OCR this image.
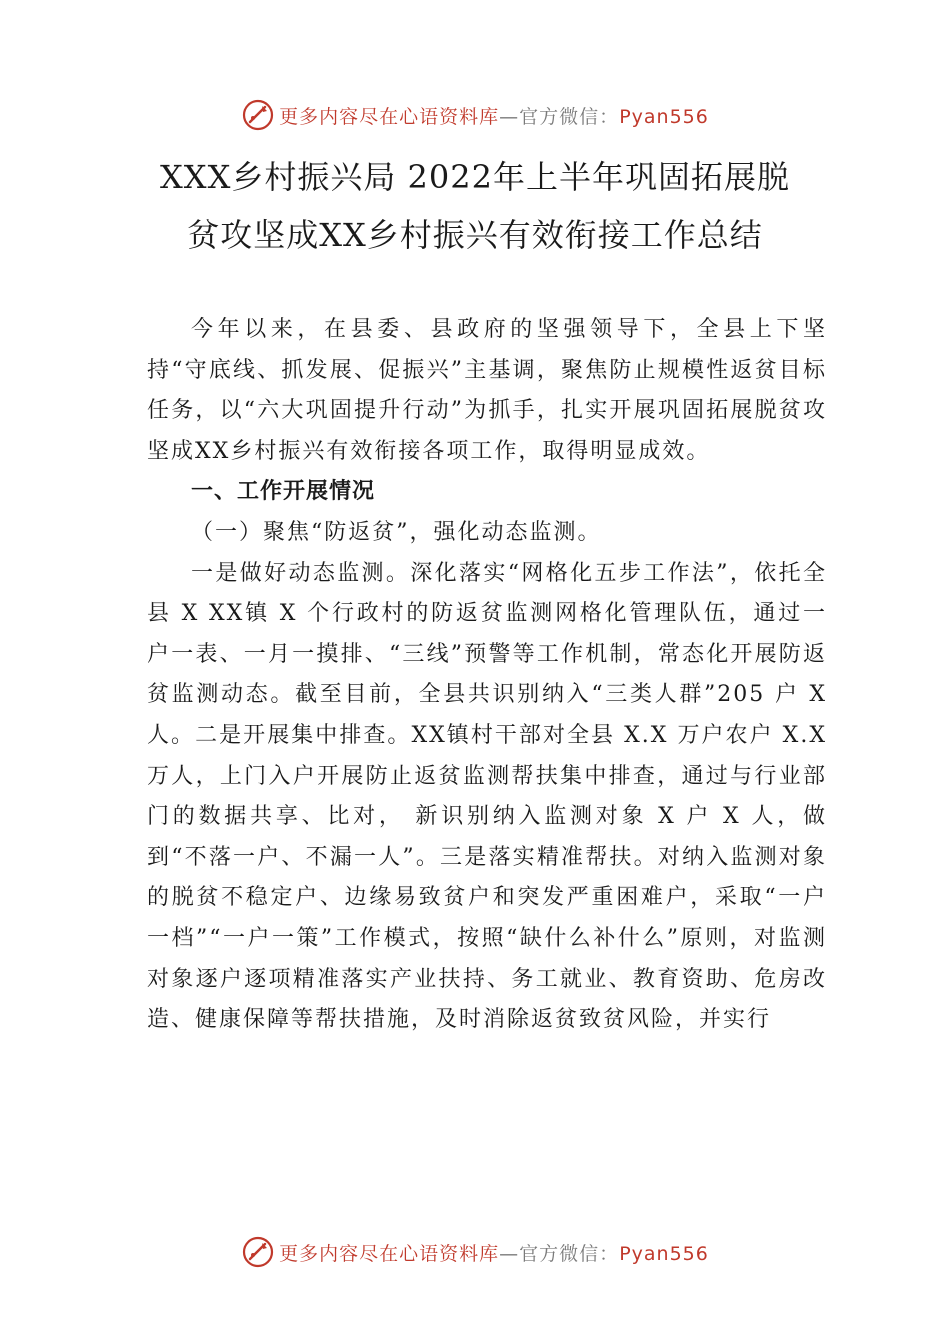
更多内容尽在心语资料库—官方微信：Pyan556
XXX乡村振兴局 2022年上半年巩固拓展脱
贫攻坚成XX乡村振兴有效衔接工作总结

今年以来，在县委、县政府的坚强领导下，全县上下坚持“守底线、抓发展、促振兴”主基调，聚焦防止规模性返贫目标任务，以“六大巩固提升行动”为抓手，扎实开展巩固拓展脱贫攻坚成XX乡村振兴有效衔接各项工作，取得明显成效。

一、工作开展情况

（一）聚焦“防返贫”，强化动态监测。

一是做好动态监测。深化落实“网格化五步工作法”，依托全县 X XX镇 X 个行政村的防返贫监测网格化管理队伍，通过一户一表、一月一摸排、“三线”预警等工作机制，常态化开展防返贫监测动态。截至目前，全县共识别纳入“三类人群”205 户 X 人。二是开展集中排查。XX镇村干部对全县 X.X 万户农户 X.X 万人，上门入户开展防止返贫监测帮扶集中排查，通过与行业部门的数据共享、比对， 新识别纳入监测对象 X 户 X 人，做到“不落一户、不漏一人”。三是落实精准帮扶。对纳入监测对象的脱贫不稳定户、边缘易致贫户和突发严重困难户，采取“一户一档”“一户一策”工作模式，按照“缺什么补什么”原则，对监测对象逐户逐项精准落实产业扶持、务工就业、教育资助、危房改造、健康保障等帮扶措施，及时消除返贫致贫风险，并实行

更多内容尽在心语资料库—官方微信：Pyan556
